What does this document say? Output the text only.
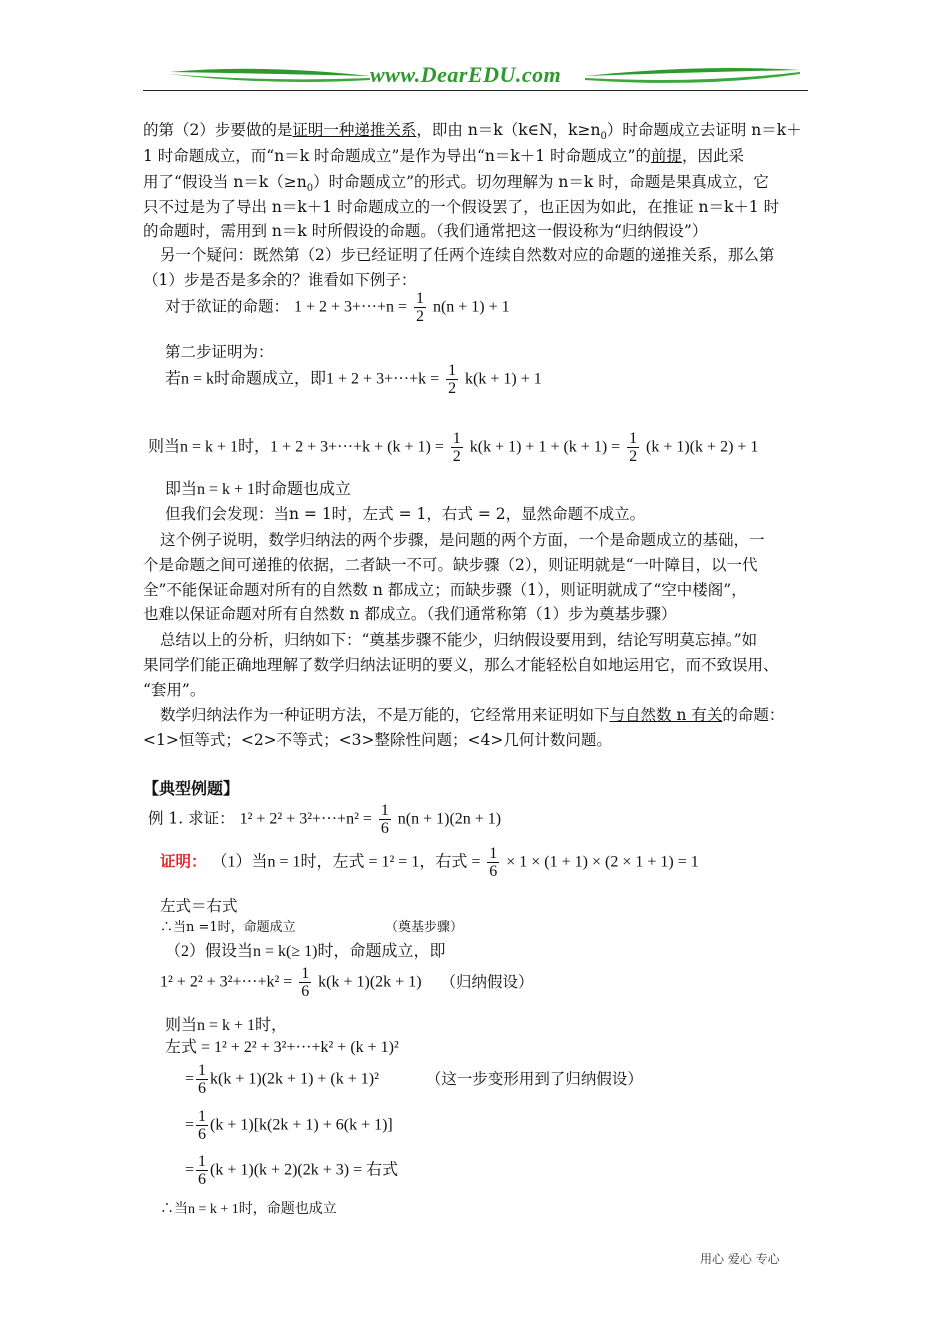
www.DearEDU.com
的第（2）步要做的是证明一种递推关系，即由 n＝k（k∈N，$k\ge n_0$）时命题成立去证明 n＝k＋
1 时命题成立，而“n＝k 时命题成立”是作为导出“n＝k＋1 时命题成立”的前提，因此采
用了“假设当 $n=k(\ge n_0)$时命题成立”的形式。切勿理解为 n＝k 时，命题是果真成立，它
只不过是为了导出 n＝k＋1 时命题成立的一个假设罢了，也正因为如此，在推证 n＝k＋1 时
的命题时，需用到 n＝k 时所假设的命题。（我们通常把这一假设称为“归纳假设”）
另一个疑问：既然第（2）步已经证明了任两个连续自然数对应的命题的递推关系，那么第
（1）步是否是多余的？谁看如下例子：
对于欲证的命题： $1 + 2 + 3+\cdot\cdot\cdot+n = \frac{1}{2} n(n + 1) + 1$
第二步证明为：
若n = k时命题成立，即$1 + 2 + 3+\cdot\cdot\cdot+k = \frac{1}{2} k(k + 1) + 1$
则当n = k + 1时，$1 + 2 + 3+\cdot\cdot\cdot+k + (k + 1) = \frac{1}{2} k(k + 1) + 1 + (k + 1) = \frac{1}{2} (k + 1)(k + 2) + 1$
即当n = k + 1时命题也成立
但我们会发现：当n = 1时，左式 = 1，右式 = 2，显然命题不成立。
这个例子说明，数学归纳法的两个步骤，是问题的两个方面，一个是命题成立的基础，一
个是命题之间可递推的依据，二者缺一不可。缺步骤（2），则证明就是“一叶障目，以一代
全”不能保证命题对所有的自然数 n 都成立；而缺步骤（1），则证明就成了“空中楼阁”，
也难以保证命题对所有自然数 n 都成立。（我们通常称第（1）步为奠基步骤）
总结以上的分析，归纳如下：“奠基步骤不能少，归纳假设要用到，结论写明莫忘掉。”如
果同学们能正确地理解了数学归纳法证明的要义，那么才能轻松自如地运用它，而不致误用、
“套用”。
数学归纳法作为一种证明方法，不是万能的，它经常用来证明如下与自然数 n 有关的命题：
<1>恒等式；<2>不等式；<3>整除性问题；<4>几何计数问题。
【典型例题】
例 1. 求证： $1^2 + 2^2 + 3^2+\cdot\cdot\cdot+n^2 = \frac{1}{6} n(n + 1)(2n + 1)$
证明： （1）当n = 1时，左式 = 1² = 1，右式 = $\frac{1}{6} \times 1 \times (1 + 1) \times (2 \times 1 + 1) = 1$
左式＝右式
∴当n =1时，命题成立	（奠基步骤）
（2）假设当n = k(≥ 1)时，命题成立，即
$1^2 + 2^2 + 3^2+\cdot\cdot\cdot+k^2 = \frac{1}{6} k(k + 1)(2k + 1)$ （归纳假设）
则当n = k + 1时，
左式 = 1² + 2² + 3²+···+k² + (k + 1)²
= $\frac{1}{6} k(k + 1)(2k + 1) + (k + 1)^2$	（这一步变形用到了归纳假设）
= $\frac{1}{6} (k + 1)[k(2k + 1) + 6(k + 1)]$
= $\frac{1}{6} (k + 1)(k + 2)(2k + 3)$ = 右式
∴当n = k + 1时，命题也成立
用心 爱心 专心
